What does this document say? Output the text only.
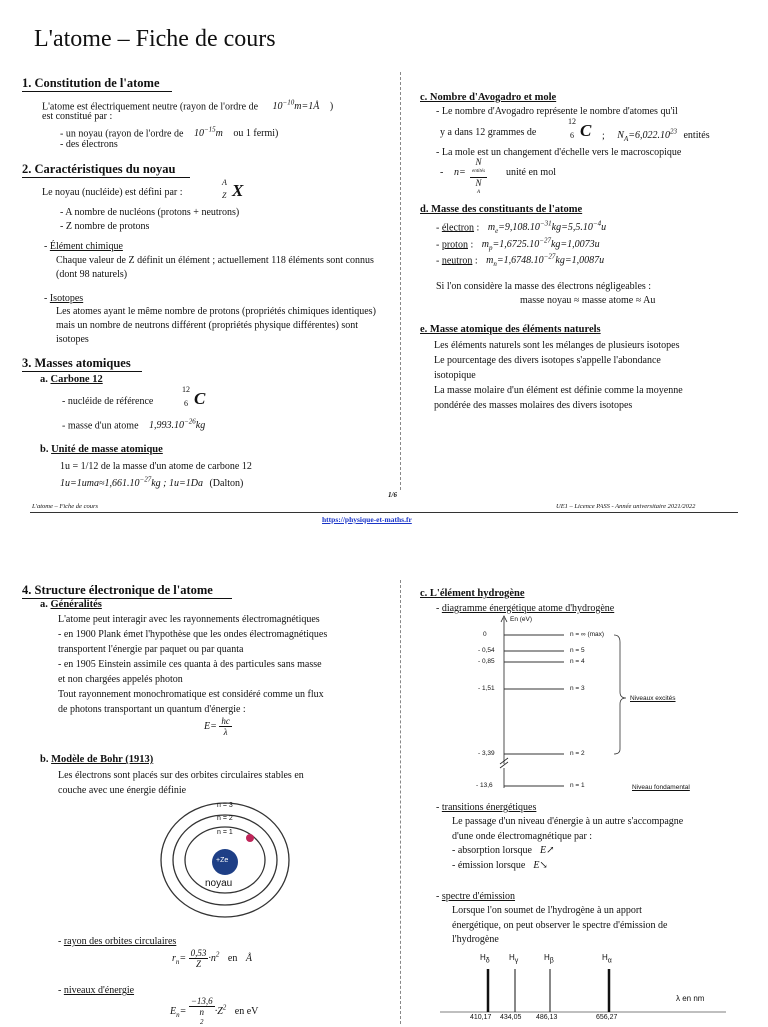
L'atome – Fiche de cours
1. Constitution de l'atome
L'atome est électriquement neutre (rayon de l'ordre de $10^{-10}m=1Å$ )
est constitué par :
- un noyau (rayon de l'ordre de $10^{-15}m$ ou 1 fermi)
- des électrons
2. Caractéristiques du noyau
Le noyau (nucléide) est défini par :
A
Z X
- A nombre de nucléons (protons + neutrons)
- Z nombre de protons
- Élément chimique
Chaque valeur de Z définit un élément ; actuellement 118 éléments sont connus (dont 98 naturels)
- Isotopes
Les atomes ayant le même nombre de protons (propriétés chimiques identiques) mais un nombre de neutrons différent (propriétés physique différentes) sont isotopes
3. Masses atomiques
a. Carbone 12
- nucléide de référence
12
6 C
- masse d'un atome $1,993.10^{-26}kg$
b. Unité de masse atomique
1u = 1/12 de la masse d'un atome de carbone 12
$1u=1uma\approx 1,661.10^{-27}kg$ ; 1u=1Da (Dalton)
c. Nombre d'Avogadro et mole
- Le nombre d'Avogadro représente le nombre d'atomes qu'il
y a dans 12 grammes de
12
6 C ; $N_A=6,022.10^{23}$ entités
- La mole est un changement d'échelle vers le macroscopique
- n= N
entités
N
A unité en mol
d. Masse des constituants de l'atome
- électron : $m_e=9,108.10^{-31}kg=5,5.10^{-4}u$
- proton : $m_p=1,6725.10^{-27}kg=1,0073u$
- neutron : $m_n=1,6748.10^{-27}kg=1,0087u$
Si l'on considère la masse des électrons négligeables :
masse noyau ≈ masse atome ≈ Au
e. Masse atomique des éléments naturels
Les éléments naturels sont les mélanges de plusieurs isotopes
Le pourcentage des divers isotopes s'appelle l'abondance
isotopique
La masse molaire d'un élément est définie comme la moyenne
pondérée des masses molaires des divers isotopes
L'atome – Fiche de cours
1/6
UE1 – Licence PASS - Année universitaire 2021/2022
https://physique-et-maths.fr
4. Structure électronique de l'atome
a. Généralités
L'atome peut interagir avec les rayonnements électromagnétiques
- en 1900 Plank émet l'hypothèse que les ondes électromagnétiques
transportent l'énergie par paquet ou par quanta
- en 1905 Einstein assimile ces quanta à des particules sans masse
et non chargées appelés photon
Tout rayonnement monochromatique est considéré comme un flux
de photons transportant un quantum d'énergie :
$E= \frac{hc}{\lambda}$
b. Modèle de Bohr (1913)
Les électrons sont placés sur des orbites circulaires stables en
couche avec une énergie définie
n = 3
n = 2
n = 1
+Ze
noyau
- rayon des orbites circulaires
$r_n= \frac{0,53}{Z} \cdot n^2$ en Å
- niveaux d'énergie
$E_n= -13,6$
n
$2 \cdot Z^2$ en eV
c. L'élément hydrogène
- diagramme énergétique atome d'hydrogène
En (eV)
0	n = ∞ (max)
- 0,54	n = 5
- 0,85	n = 4
- 1,51	n = 3
- 3,39	n = 2
- 13,6	n = 1
Niveaux excités
Niveau fondamental
- transitions énergétiques
Le passage d'un niveau d'énergie à un autre s'accompagne
d'une onde électromagnétique par :
- absorption lorsque E↗
- émission lorsque E↘
- spectre d'émission
Lorsque l'on soumet de l'hydrogène à un apport
énergétique, on peut observer le spectre d'émission de
l'hydrogène
Hδ Hγ	Hβ	Hα
λ en nm
410,17 434,05 486,13	656,27
